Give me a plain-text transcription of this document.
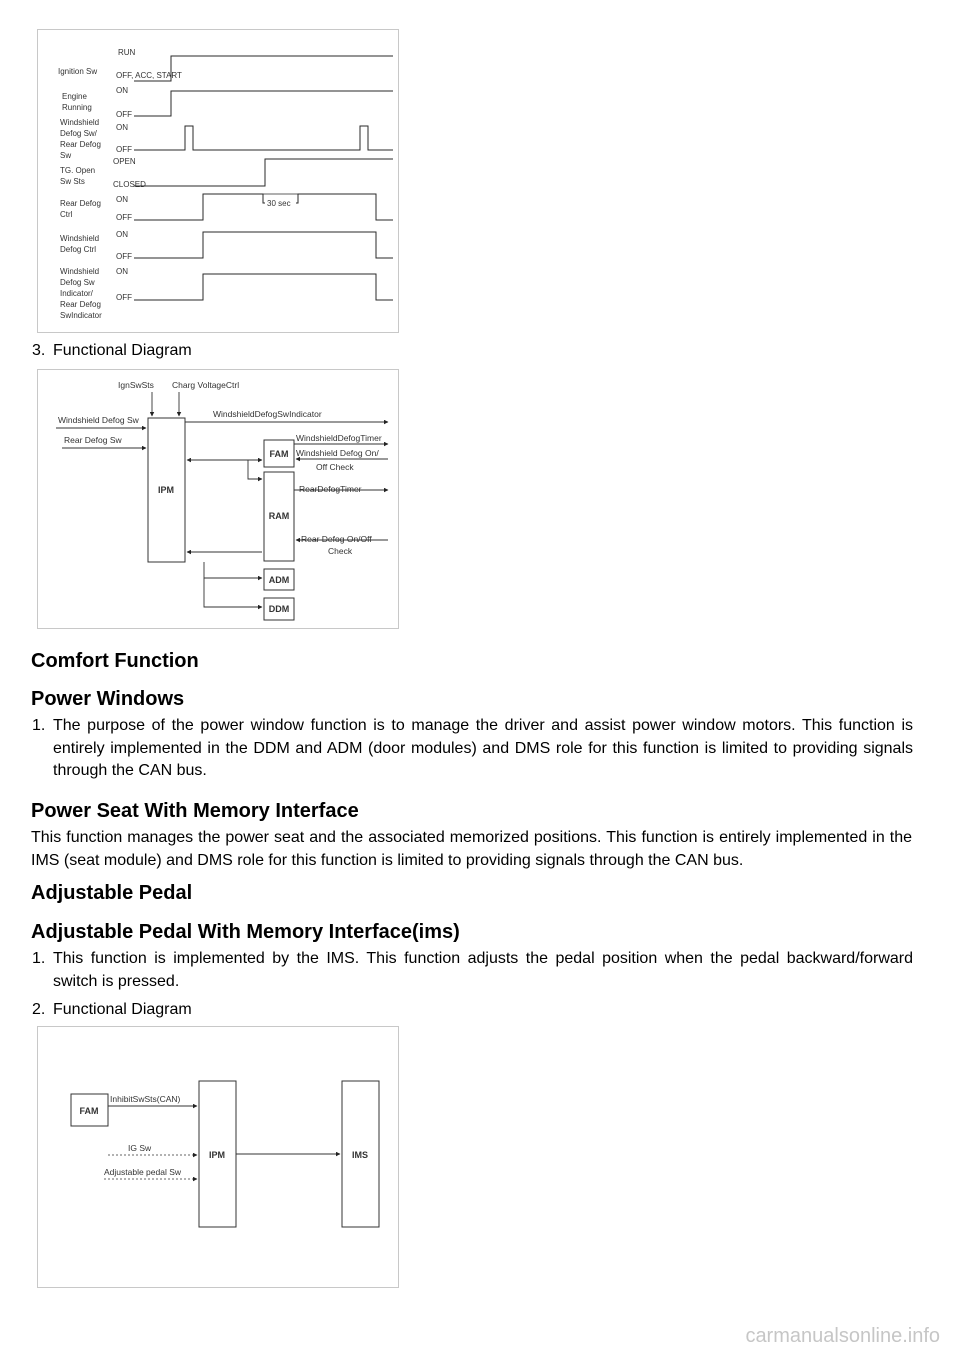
Ignition Sw
Engine
Running
Windshield
Defog Sw/
Rear Defog
Sw
TG. Open
Sw Sts
Rear Defog
Ctrl
Windshield
Defog Ctrl
Windshield
Defog Sw
Indicator/
Rear Defog
SwIndicator
RUN
OFF, ACC, START
ON
OFF
ON
OFF
OPEN
CLOSED
ON
OFF
ON
OFF
ON
OFF
30 sec
3. Functional Diagram
IPM
FAM
RAM
ADM
DDM
IgnSwSts Charg VoltageCtrl
Windshield Defog Sw
Rear Defog Sw
WindshieldDefogSwIndicator
WindshieldDefogTimer
Windshield Defog On/
Off Check
RearDefogTimer
Rear Defog On/Off
Check
Comfort Function
Power Windows
1. The purpose of the power window function is to manage the driver and assist power window motors. This function is entirely implemented in the DDM and ADM (door modules) and DMS role for this function is limited to providing signals through the CAN bus.
Power Seat With Memory Interface

This function manages the power seat and the associated memorized positions. This function is entirely implemented in the IMS (seat module) and DMS role for this function is limited to providing signals through the CAN bus.

Adjustable Pedal
Adjustable Pedal With Memory Interface(ims)
1. This function is implemented by the IMS. This function adjusts the pedal position when the pedal backward/forward switch is pressed.
2. Functional Diagram
FAM
IPM	IMS
InhibitSwSts(CAN)
IG Sw
Adjustable pedal Sw
carmanualsonline.info
